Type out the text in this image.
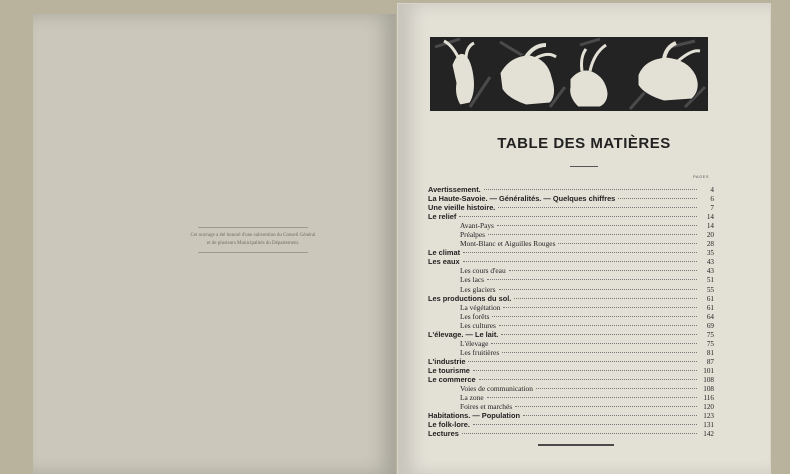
Cet ouvrage a été honoré d'une subvention du Conseil Général
et de plusieurs Municipalités du Département.

TABLE DES MATIÈRES
PAGES
Avertissement.	4
La Haute-Savoie. — Généralités. — Quelques chiffres	6
Une vieille histoire.	7
Le relief	14
Avant-Pays	14
Préalpes	20
Mont-Blanc et Aiguilles Rouges	28
Le climat	35
Les eaux	43
Les cours d'eau	43
Les lacs	51
Les glaciers	55
Les productions du sol.	61
La végétation	61
Les forêts	64
Les cultures	69
L'élevage. — Le lait.	75
L'élevage	75
Les fruitières	81
L'industrie	87
Le tourisme	101
Le commerce	108
Voies de communication	108
La zone	116
Foires et marchés	120
Habitations. — Population	123
Le folk-lore.	131
Lectures	142
